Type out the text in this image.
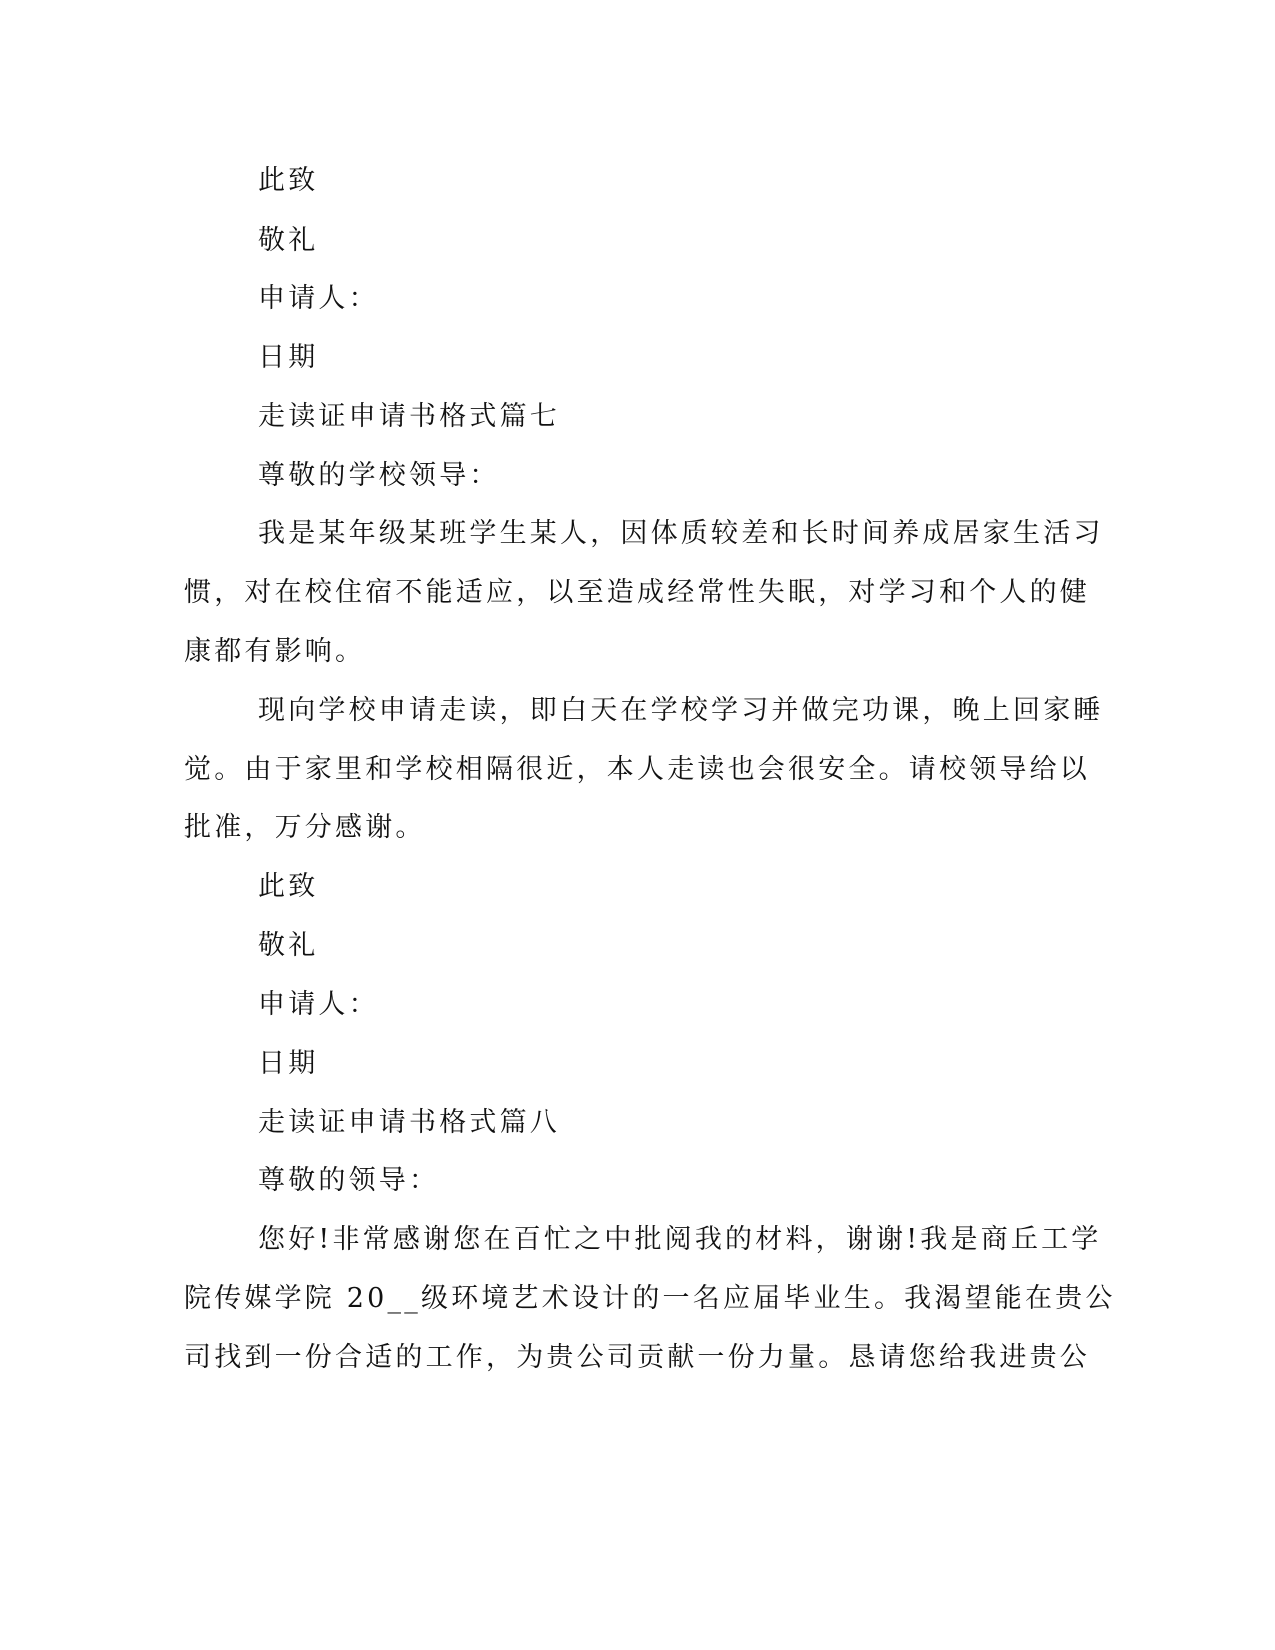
此致
敬礼
申请人：
日期
走读证申请书格式篇七
尊敬的学校领导：
我是某年级某班学生某人，因体质较差和长时间养成居家生活习
惯，对在校住宿不能适应，以至造成经常性失眠，对学习和个人的健
康都有影响。
现向学校申请走读，即白天在学校学习并做完功课，晚上回家睡
觉。由于家里和学校相隔很近，本人走读也会很安全。请校领导给以
批准，万分感谢。
此致
敬礼
申请人：
日期
走读证申请书格式篇八
尊敬的领导：
您好!非常感谢您在百忙之中批阅我的材料，谢谢!我是商丘工学
院传媒学院 20__级环境艺术设计的一名应届毕业生。我渴望能在贵公
司找到一份合适的工作，为贵公司贡献一份力量。恳请您给我进贵公
